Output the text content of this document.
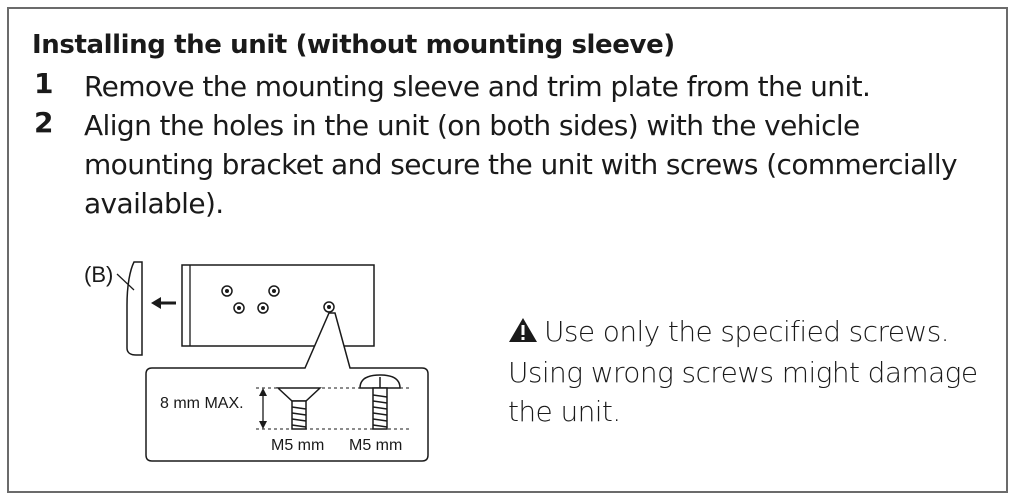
Installing the unit (without mounting sleeve)
1 Remove the mounting sleeve and trim plate from the unit.
2 Align the holes in the unit (on both sides) with the vehicle mounting bracket and secure the unit with screws (commercially available).
(B)
8 mm MAX.
M5 mm M5 mm
Use only the specified screws. Using wrong screws might damage the unit.
